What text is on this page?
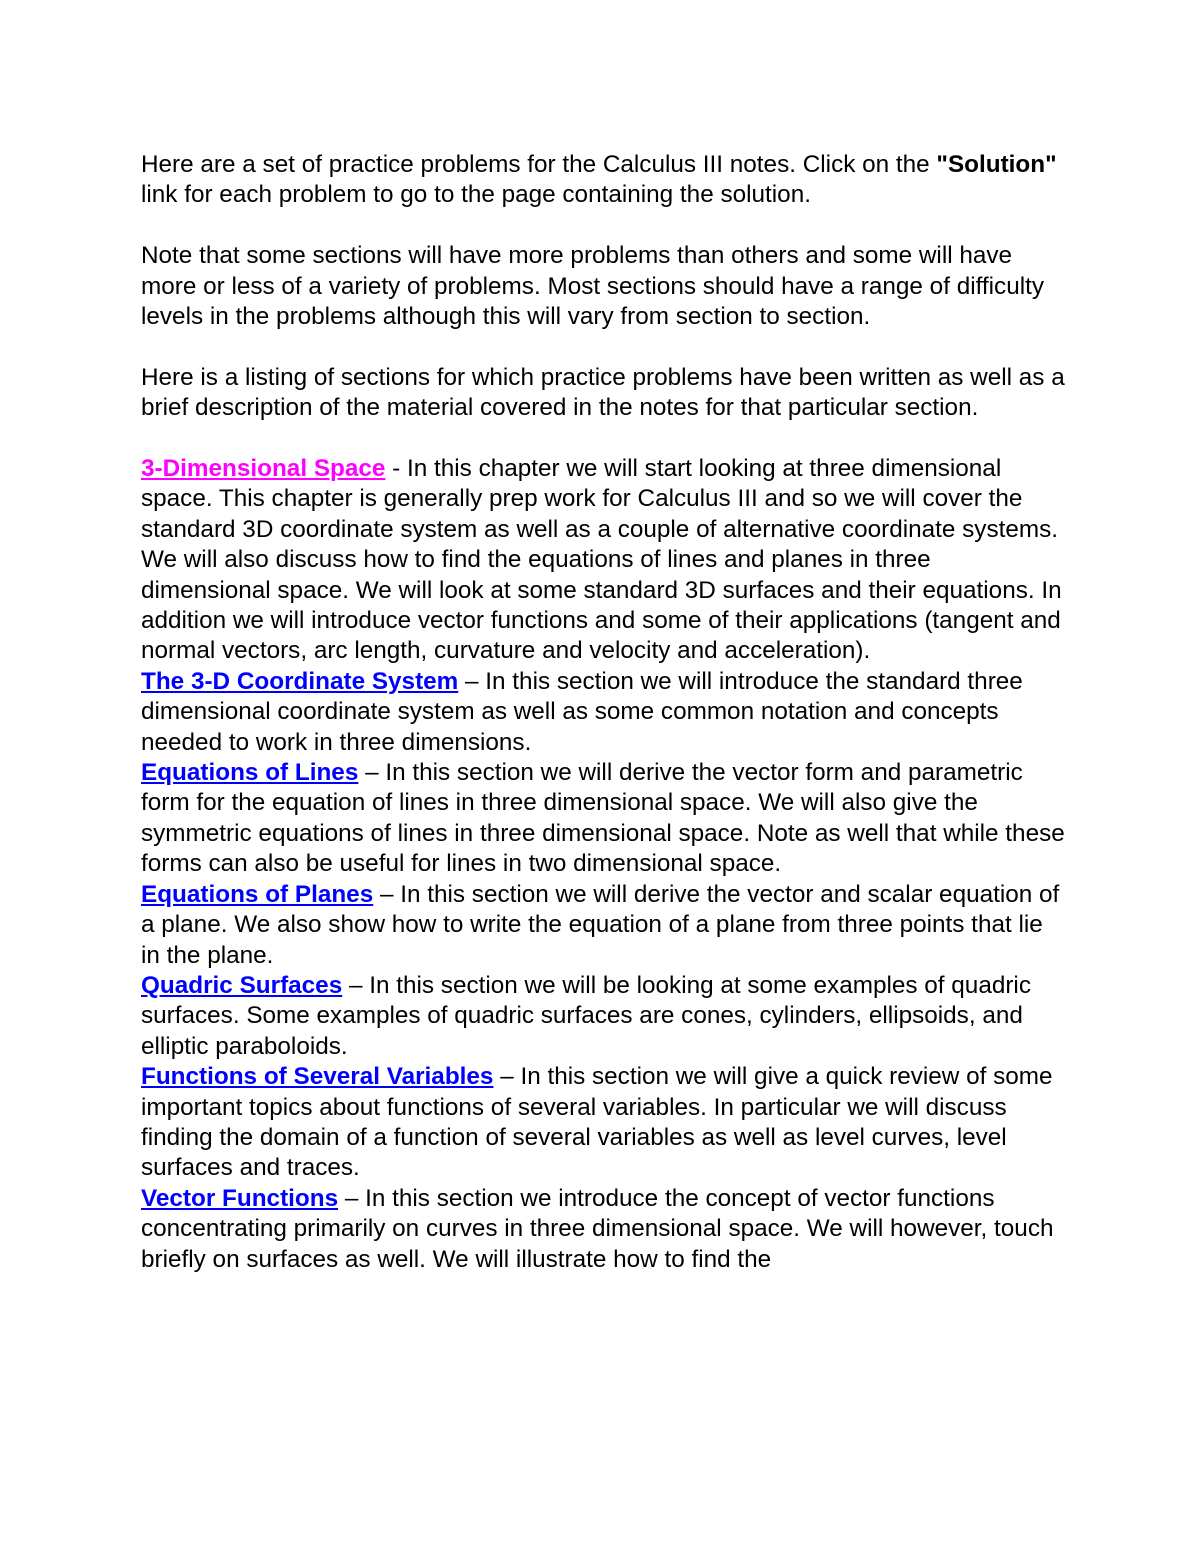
Here are a set of practice problems for the Calculus III notes. Click on the "Solution" link for each problem to go to the page containing the solution.

Note that some sections will have more problems than others and some will have more or less of a variety of problems. Most sections should have a range of difficulty levels in the problems although this will vary from section to section.

Here is a listing of sections for which practice problems have been written as well as a brief description of the material covered in the notes for that particular section.

3-Dimensional Space - In this chapter we will start looking at three dimensional space. This chapter is generally prep work for Calculus III and so we will cover the standard 3D coordinate system as well as a couple of alternative coordinate systems. We will also discuss how to find the equations of lines and planes in three dimensional space. We will look at some standard 3D surfaces and their equations. In addition we will introduce vector functions and some of their applications (tangent and normal vectors, arc length, curvature and velocity and acceleration).

The 3-D Coordinate System – In this section we will introduce the standard three dimensional coordinate system as well as some common notation and concepts needed to work in three dimensions.

Equations of Lines – In this section we will derive the vector form and parametric form for the equation of lines in three dimensional space. We will also give the symmetric equations of lines in three dimensional space. Note as well that while these forms can also be useful for lines in two dimensional space.

Equations of Planes – In this section we will derive the vector and scalar equation of a plane. We also show how to write the equation of a plane from three points that lie in the plane.

Quadric Surfaces – In this section we will be looking at some examples of quadric surfaces. Some examples of quadric surfaces are cones, cylinders, ellipsoids, and elliptic paraboloids.

Functions of Several Variables – In this section we will give a quick review of some important topics about functions of several variables. In particular we will discuss finding the domain of a function of several variables as well as level curves, level surfaces and traces.

Vector Functions – In this section we introduce the concept of vector functions concentrating primarily on curves in three dimensional space. We will however, touch briefly on surfaces as well. We will illustrate how to find the
